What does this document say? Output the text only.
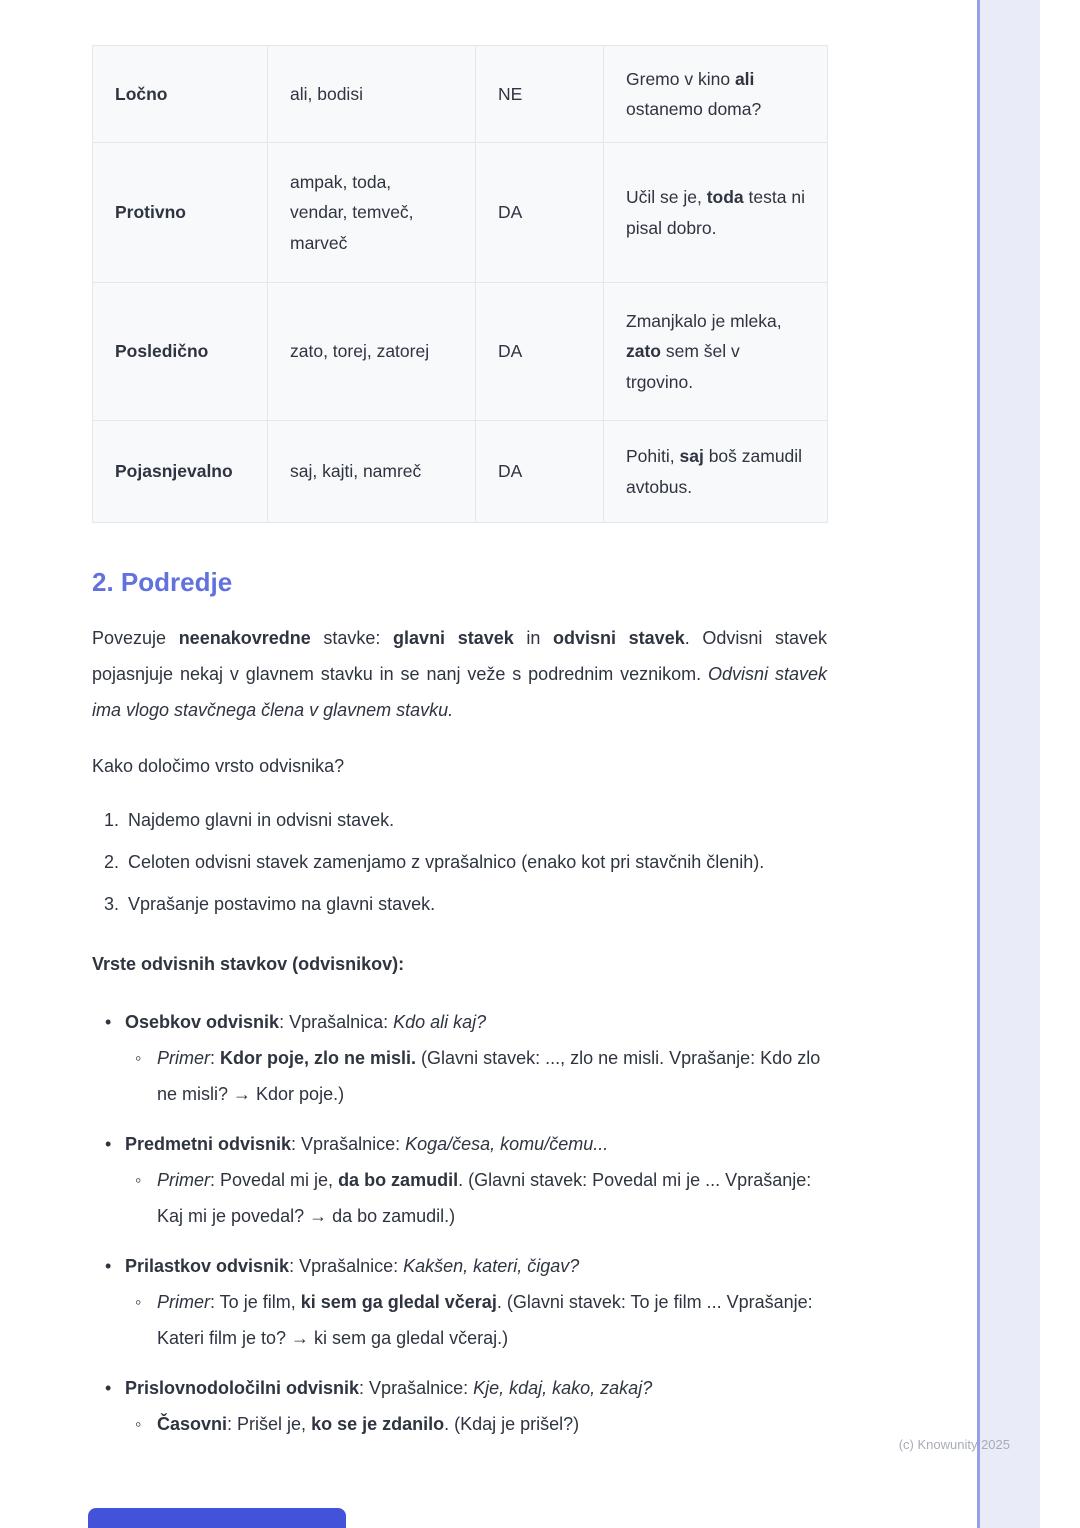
Ločno	ali, bodisi	NE	Gremo v kino ali ostanemo doma?
Protivno	ampak, toda, vendar, temveč, marveč	DA	Učil se je, toda testa ni pisal dobro.
Posledično	zato, torej, zatorej	DA	Zmanjkalo je mleka, zato sem šel v trgovino.
Pojasnjevalno	saj, kajti, namreč	DA	Pohiti, saj boš zamudil avtobus.
2. Podredje

Povezuje neenakovredne stavke: glavni stavek in odvisni stavek. Odvisni stavek pojasnjuje nekaj v glavnem stavku in se nanj veže s podrednim veznikom. Odvisni stavek ima vlogo stavčnega člena v glavnem stavku.

Kako določimo vrsto odvisnika?

1. Najdemo glavni in odvisni stavek.
2. Celoten odvisni stavek zamenjamo z vprašalnico (enako kot pri stavčnih členih).
3. Vprašanje postavimo na glavni stavek.
Vrste odvisnih stavkov (odvisnikov):
• Osebkov odvisnik: Vprašalnica: Kdo ali kaj?
◦ Primer: Kdor poje, zlo ne misli. (Glavni stavek: ..., zlo ne misli. Vprašanje: Kdo zlo ne misli? → Kdor poje.)
• Predmetni odvisnik: Vprašalnice: Koga/česa, komu/čemu...
◦ Primer: Povedal mi je, da bo zamudil. (Glavni stavek: Povedal mi je ... Vprašanje: Kaj mi je povedal? → da bo zamudil.)
• Prilastkov odvisnik: Vprašalnice: Kakšen, kateri, čigav?
◦ Primer: To je film, ki sem ga gledal včeraj. (Glavni stavek: To je film ... Vprašanje: Kateri film je to? → ki sem ga gledal včeraj.)
• Prislovnodoločilni odvisnik: Vprašalnice: Kje, kdaj, kako, zakaj?
◦ Časovni: Prišel je, ko se je zdanilo. (Kdaj je prišel?)
(c) Knowunity 2025
